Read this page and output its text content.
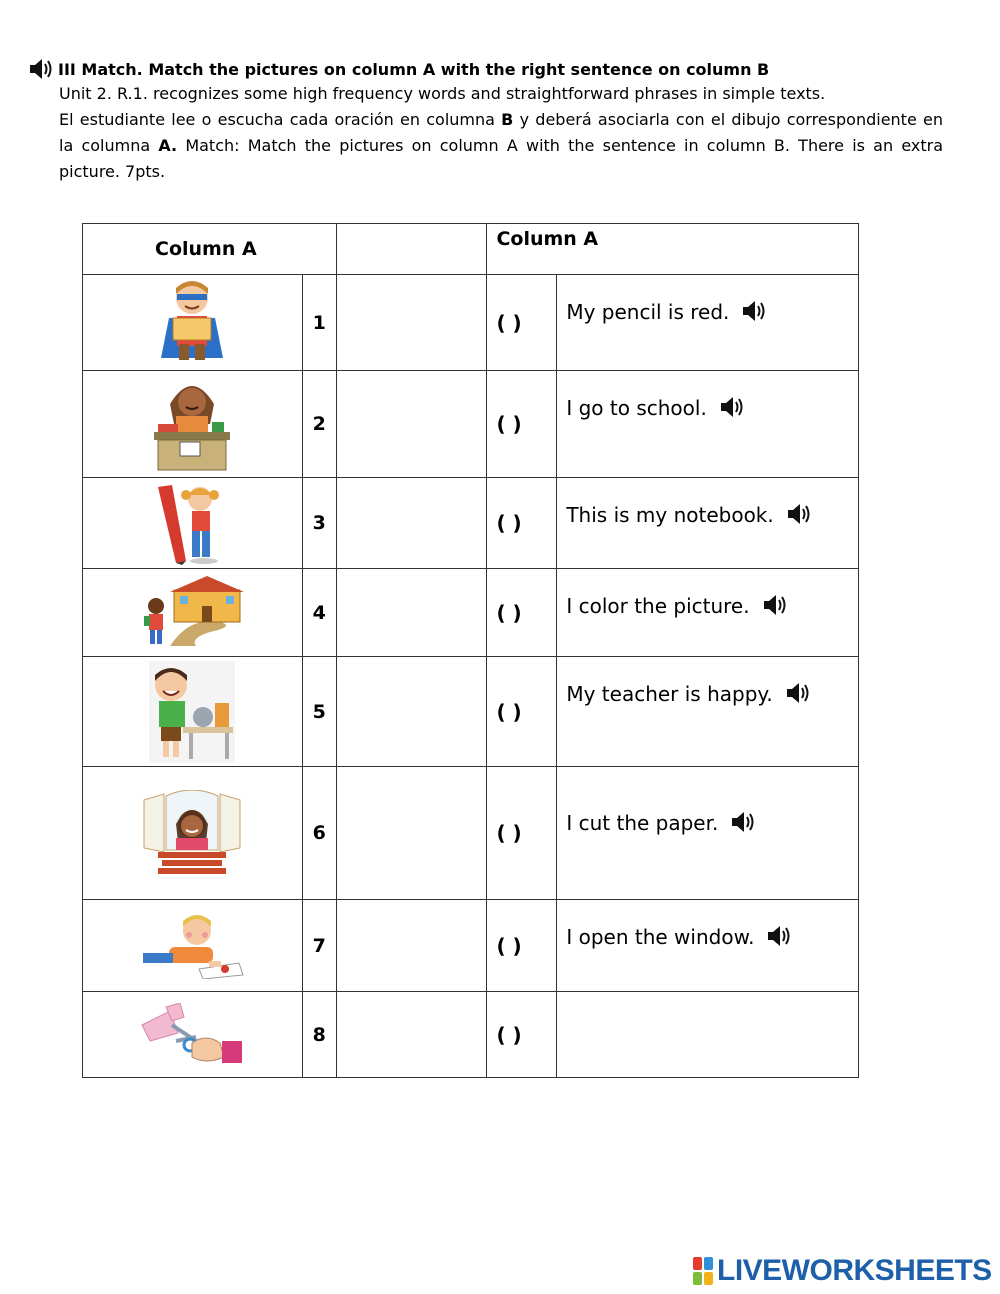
III Match. Match the pictures on column A with the right sentence on column B
Unit 2. R.1. recognizes some high frequency words and straightforward phrases in simple texts.
El estudiante lee o escucha cada oración en columna B y deberá asociarla con el dibujo correspondiente en la columna A. Match: Match the pictures on column A with the sentence in column B. There is an extra picture. 7pts.
Column A			Column A	
	1		( )	My pencil is red.

	2		( )	I go to school.

	3		( )	This is my notebook.

	4		( )	I color the picture.

	5		( )	My teacher is happy.

	6		( )	I cut the paper.

	7		( )	I open the window.

	8		( )	
LIVEWORKSHEETS
